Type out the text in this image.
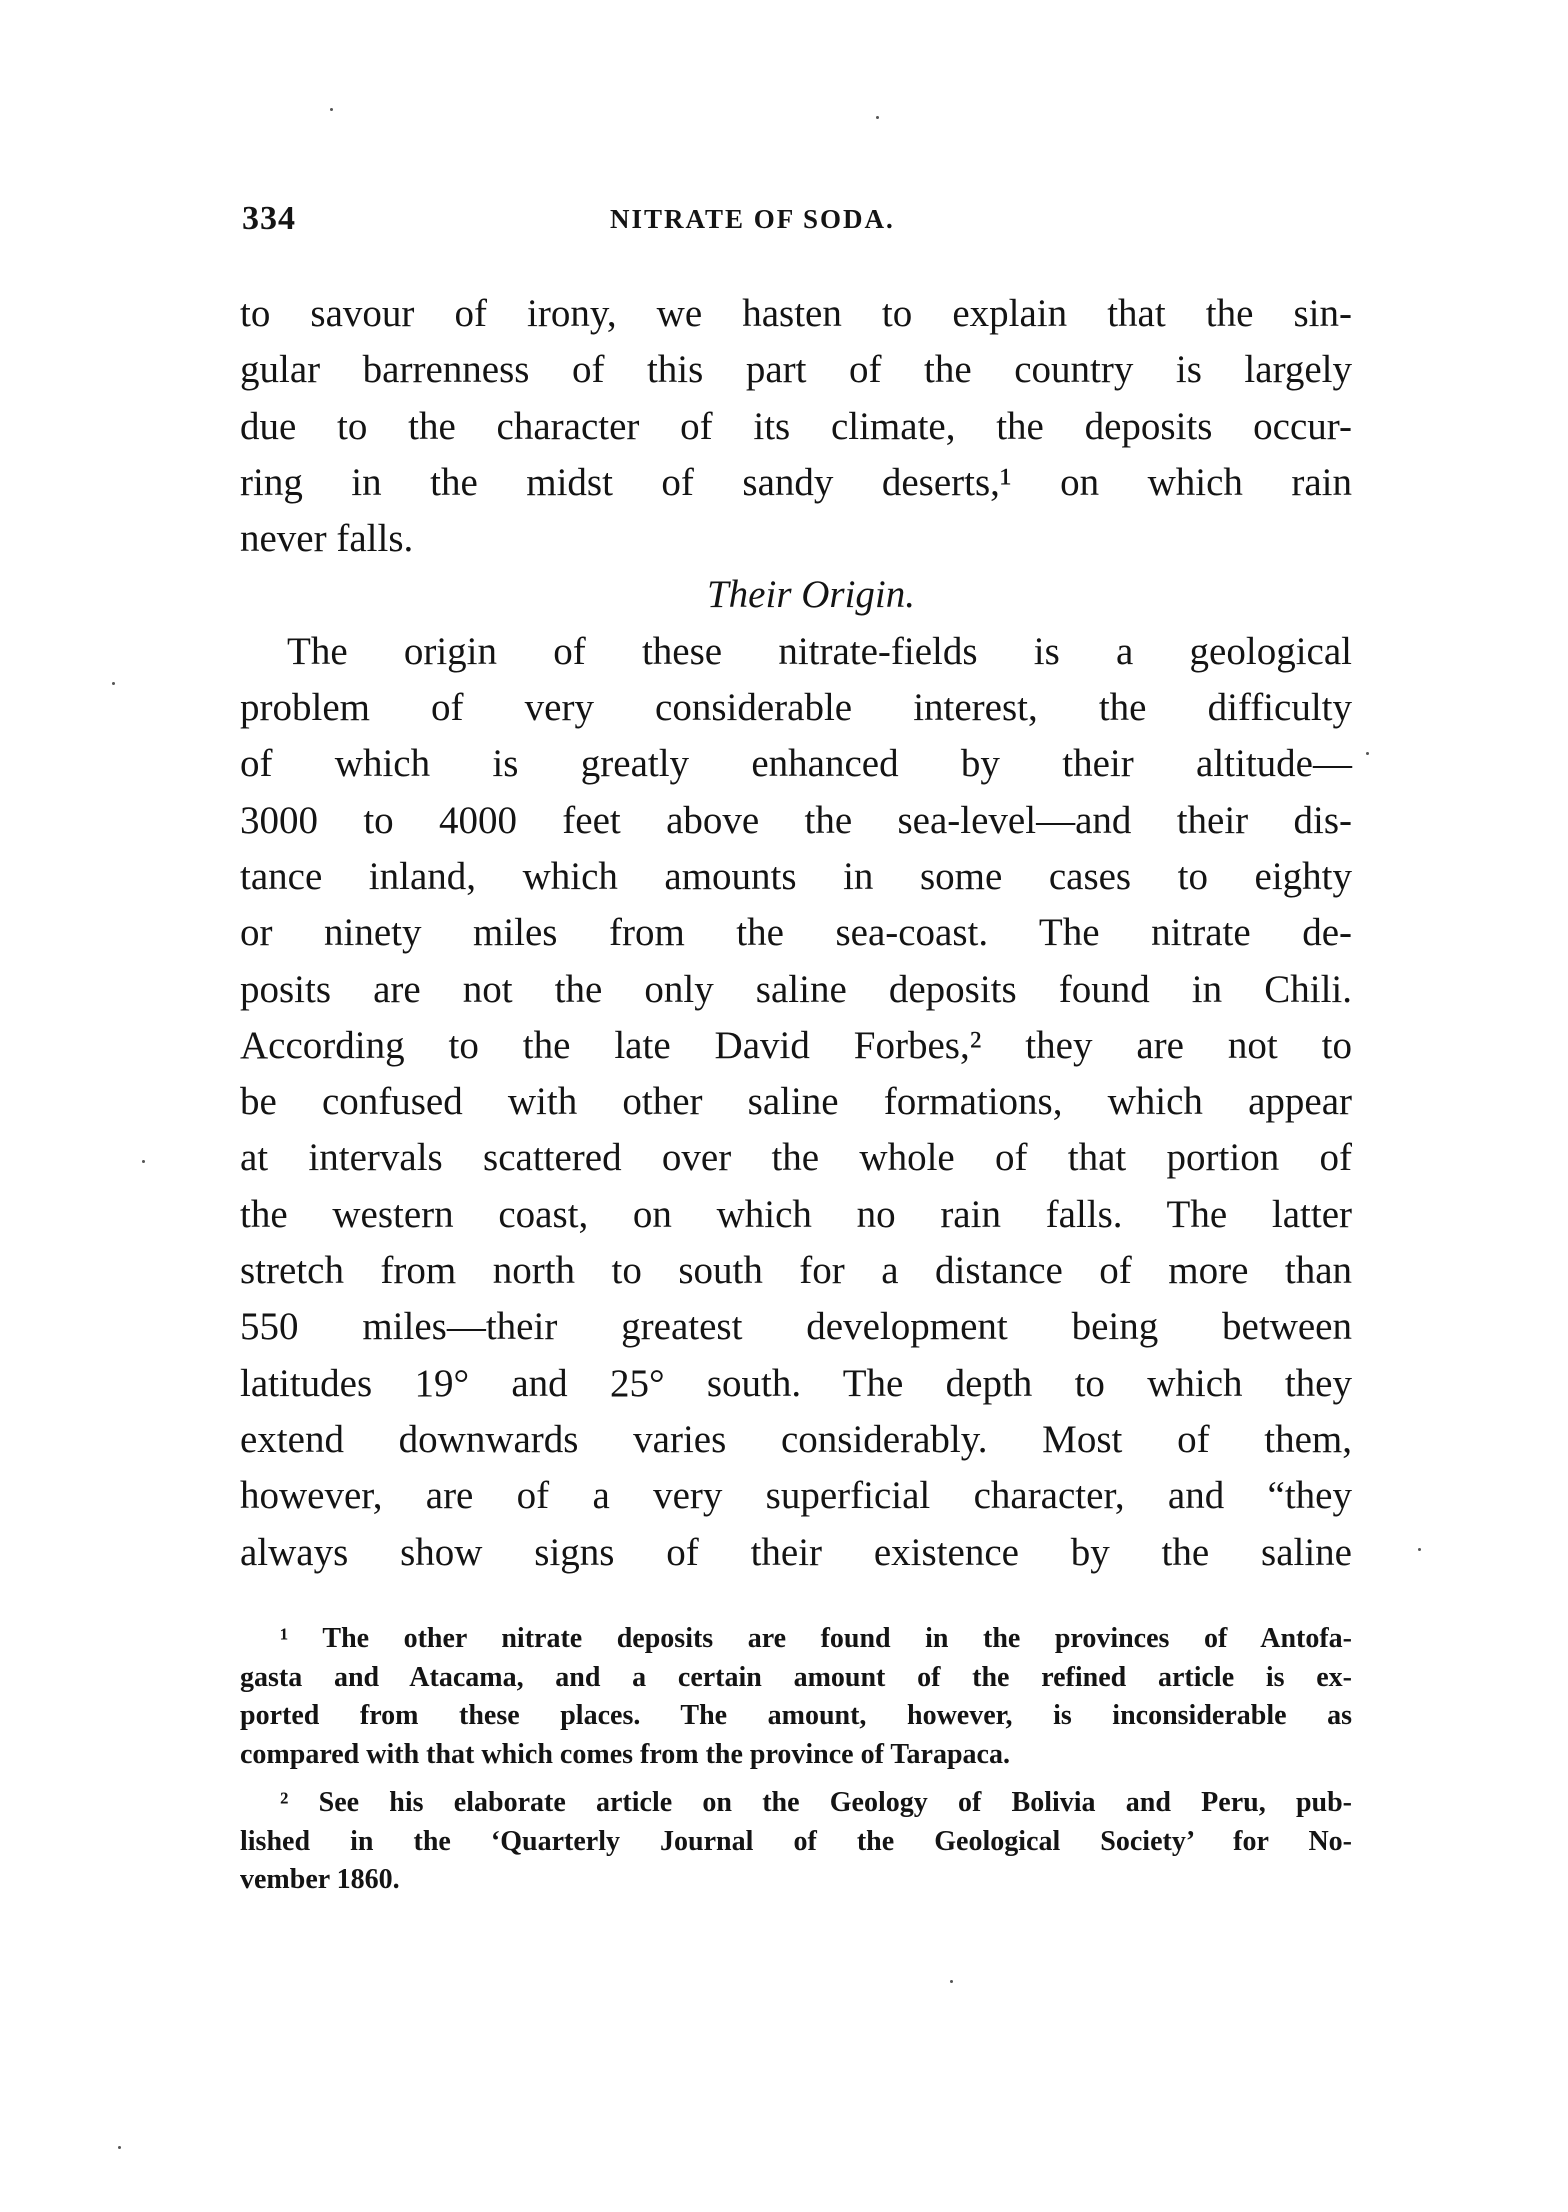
334	NITRATE OF SODA.
to savour of irony, we hasten to explain that the sin-
gular barrenness of this part of the country is largely
due to the character of its climate, the deposits occur-
ring in the midst of sandy deserts,¹ on which rain
never falls.
Their Origin.
The origin of these nitrate-fields is a geological
problem of very considerable interest, the difficulty
of which is greatly enhanced by their altitude—
3000 to 4000 feet above the sea-level—and their dis-
tance inland, which amounts in some cases to eighty
or ninety miles from the sea-coast. The nitrate de-
posits are not the only saline deposits found in Chili.
According to the late David Forbes,² they are not to
be confused with other saline formations, which appear
at intervals scattered over the whole of that portion of
the western coast, on which no rain falls. The latter
stretch from north to south for a distance of more than
550 miles—their greatest development being between
latitudes 19° and 25° south. The depth to which they
extend downwards varies considerably. Most of them,
however, are of a very superficial character, and “they
always show signs of their existence by the saline
¹ The other nitrate deposits are found in the provinces of Antofa-
gasta and Atacama, and a certain amount of the refined article is ex-
ported from these places. The amount, however, is inconsiderable as
compared with that which comes from the province of Tarapaca.
² See his elaborate article on the Geology of Bolivia and Peru, pub-
lished in the ‘Quarterly Journal of the Geological Society’ for No-
vember 1860.
